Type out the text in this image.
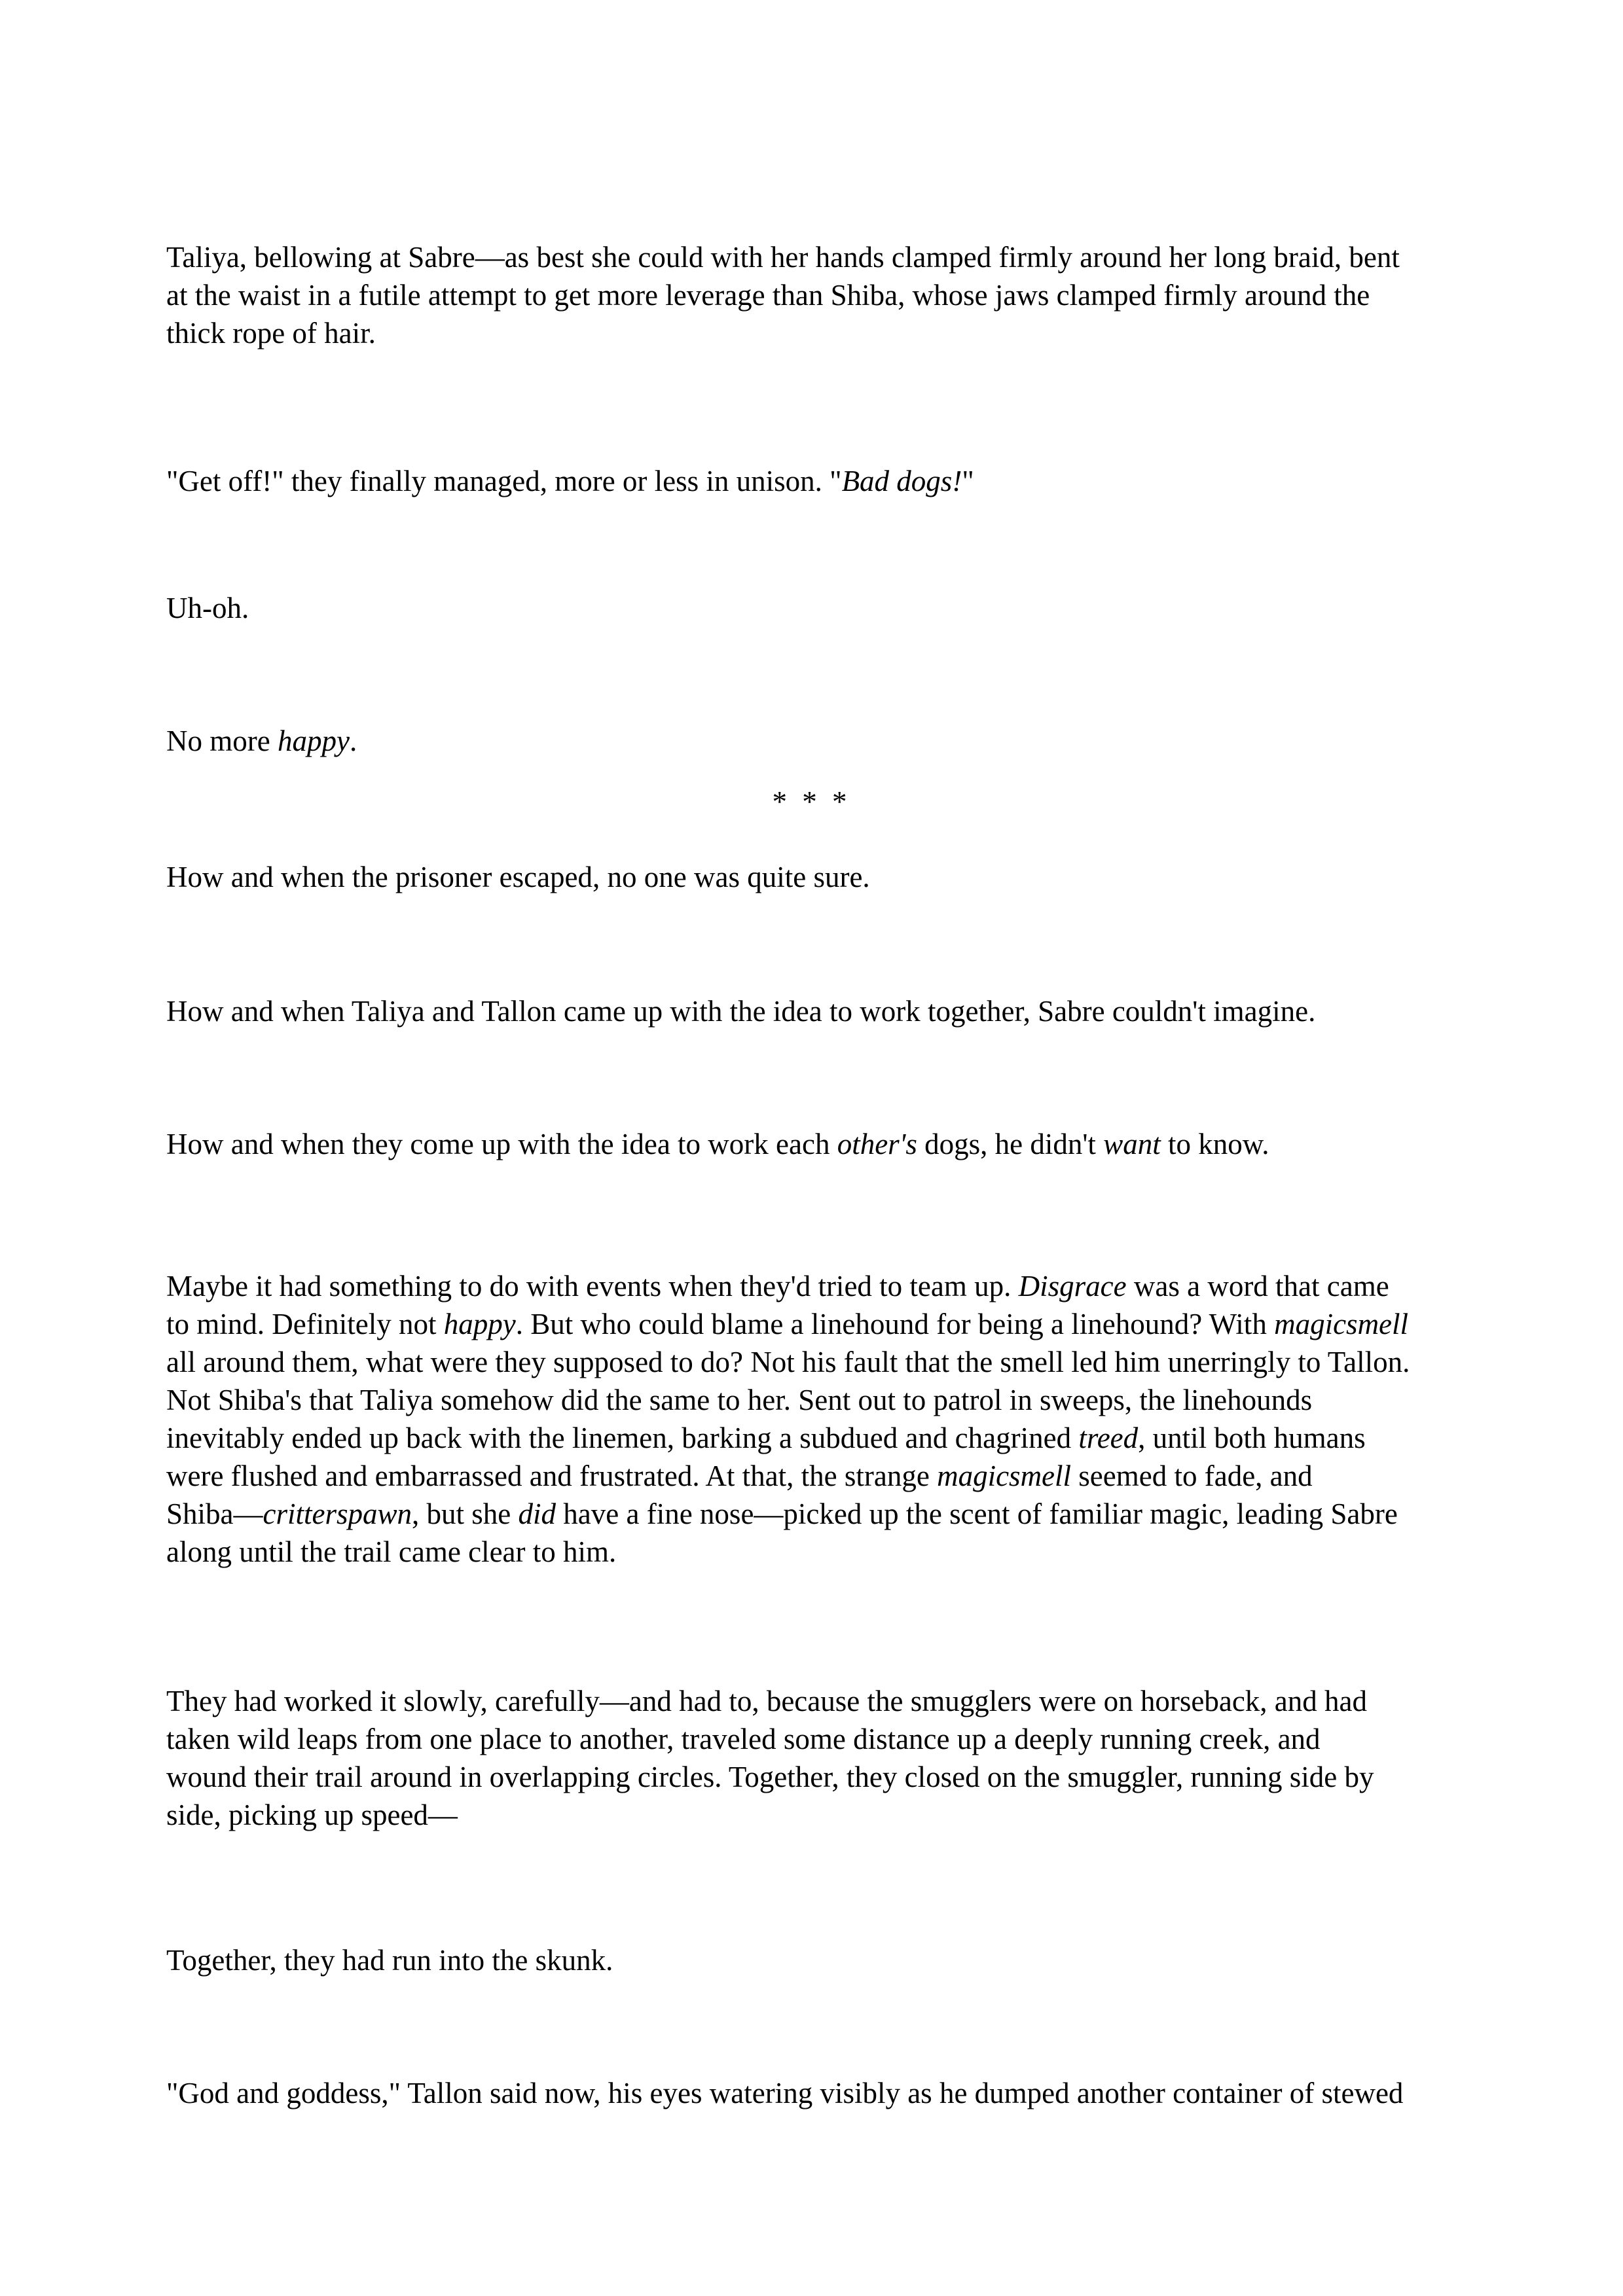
Taliya, bellowing at Sabre—as best she could with her hands clamped firmly around her long braid, bent
at the waist in a futile attempt to get more leverage than Shiba, whose jaws clamped firmly around the
thick rope of hair.
"Get off!" they finally managed, more or less in unison. "Bad dogs!"
Uh-oh.
No more happy.
* * *
How and when the prisoner escaped, no one was quite sure.
How and when Taliya and Tallon came up with the idea to work together, Sabre couldn't imagine.
How and when they come up with the idea to work each other's dogs, he didn't want to know.
Maybe it had something to do with events when they'd tried to team up. Disgrace was a word that came
to mind. Definitely not happy. But who could blame a linehound for being a linehound? With magicsmell
all around them, what were they supposed to do? Not his fault that the smell led him unerringly to Tallon.
Not Shiba's that Taliya somehow did the same to her. Sent out to patrol in sweeps, the linehounds
inevitably ended up back with the linemen, barking a subdued and chagrined treed, until both humans
were flushed and embarrassed and frustrated. At that, the strange magicsmell seemed to fade, and
Shiba—critterspawn, but she did have a fine nose—picked up the scent of familiar magic, leading Sabre
along until the trail came clear to him.
They had worked it slowly, carefully—and had to, because the smugglers were on horseback, and had
taken wild leaps from one place to another, traveled some distance up a deeply running creek, and
wound their trail around in overlapping circles. Together, they closed on the smuggler, running side by
side, picking up speed—
Together, they had run into the skunk.
"God and goddess," Tallon said now, his eyes watering visibly as he dumped another container of stewed
